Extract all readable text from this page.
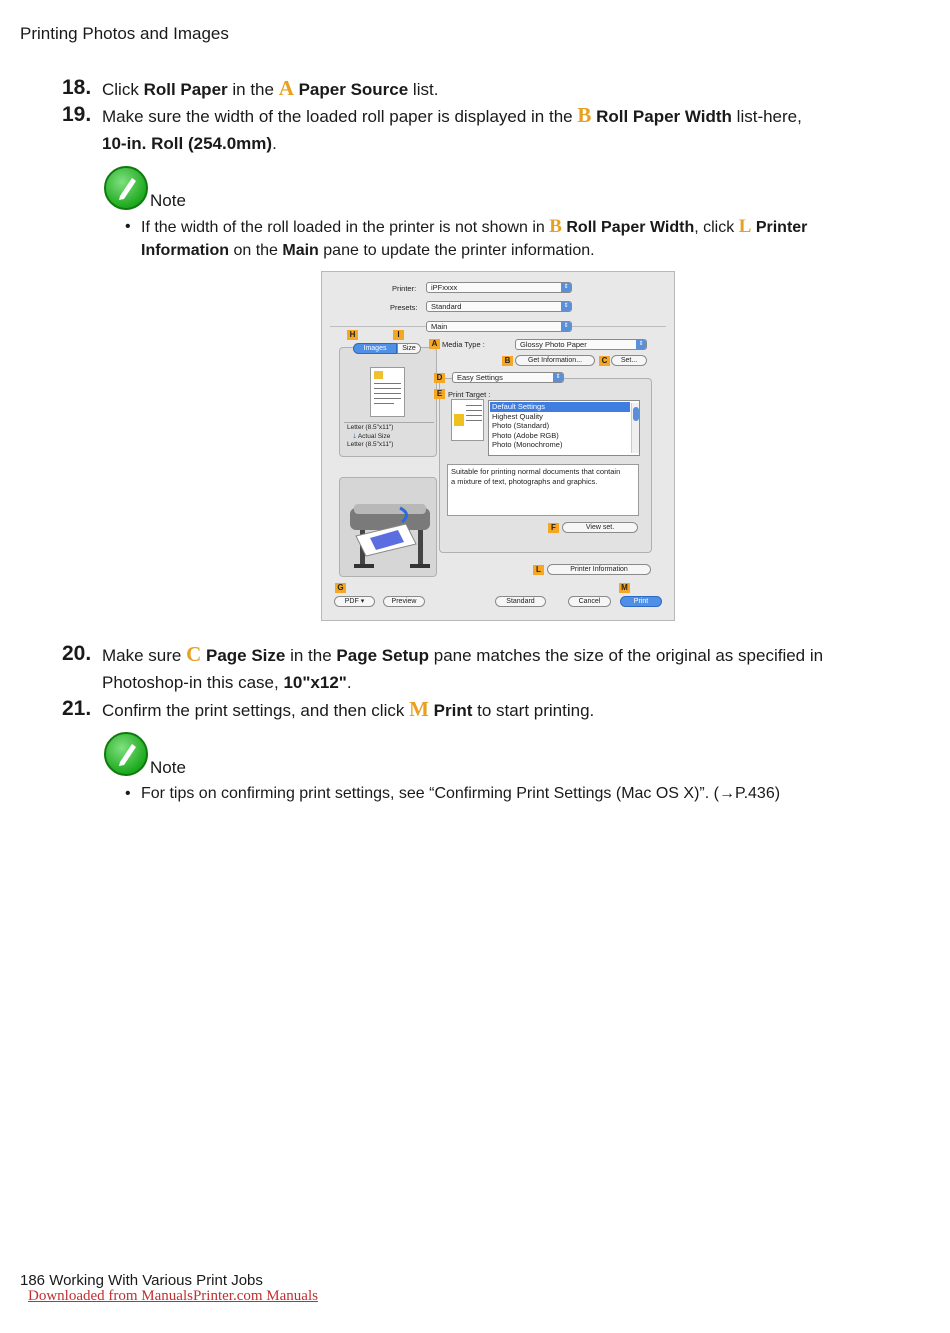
Printing Photos and Images
18. Click Roll Paper in the A Paper Source list.
19. Make sure the width of the loaded roll paper is displayed in the B Roll Paper Width list-here,
10-in. Roll (254.0mm).
Note
• If the width of the roll loaded in the printer is not shown in B Roll Paper Width, click L Printer
Information on the Main pane to update the printer information.
Printer:	iPFxxxx	⇕
Presets:	Standard	⇕
Main	⇕
H	I
Images	Size
Letter (8.5"x11")
🡓 Actual Size
Letter (8.5"x11")
A Media Type :	Glossy Photo Paper	⇕
B	Get Information...	C	Set...
D	Easy Settings	⇕
E Print Target :
Default Settings
Highest Quality
Photo (Standard)
Photo (Adobe RGB)
Photo (Monochrome)
Suitable for printing normal documents that contain a mixture of text, photographs and graphics.
F	View set.
L	Printer Information
G
PDF ▾	Preview	Standard	Cancel
M
Print
20. Make sure C Page Size in the Page Setup pane matches the size of the original as specified in
Photoshop-in this case, 10"x12".
21. Confirm the print settings, and then click M Print to start printing.
Note
• For tips on confirming print settings, see “Confirming Print Settings (Mac OS X)”. (→P.436)
186 Working With Various Print Jobs
Downloaded from ManualsPrinter.com Manuals
